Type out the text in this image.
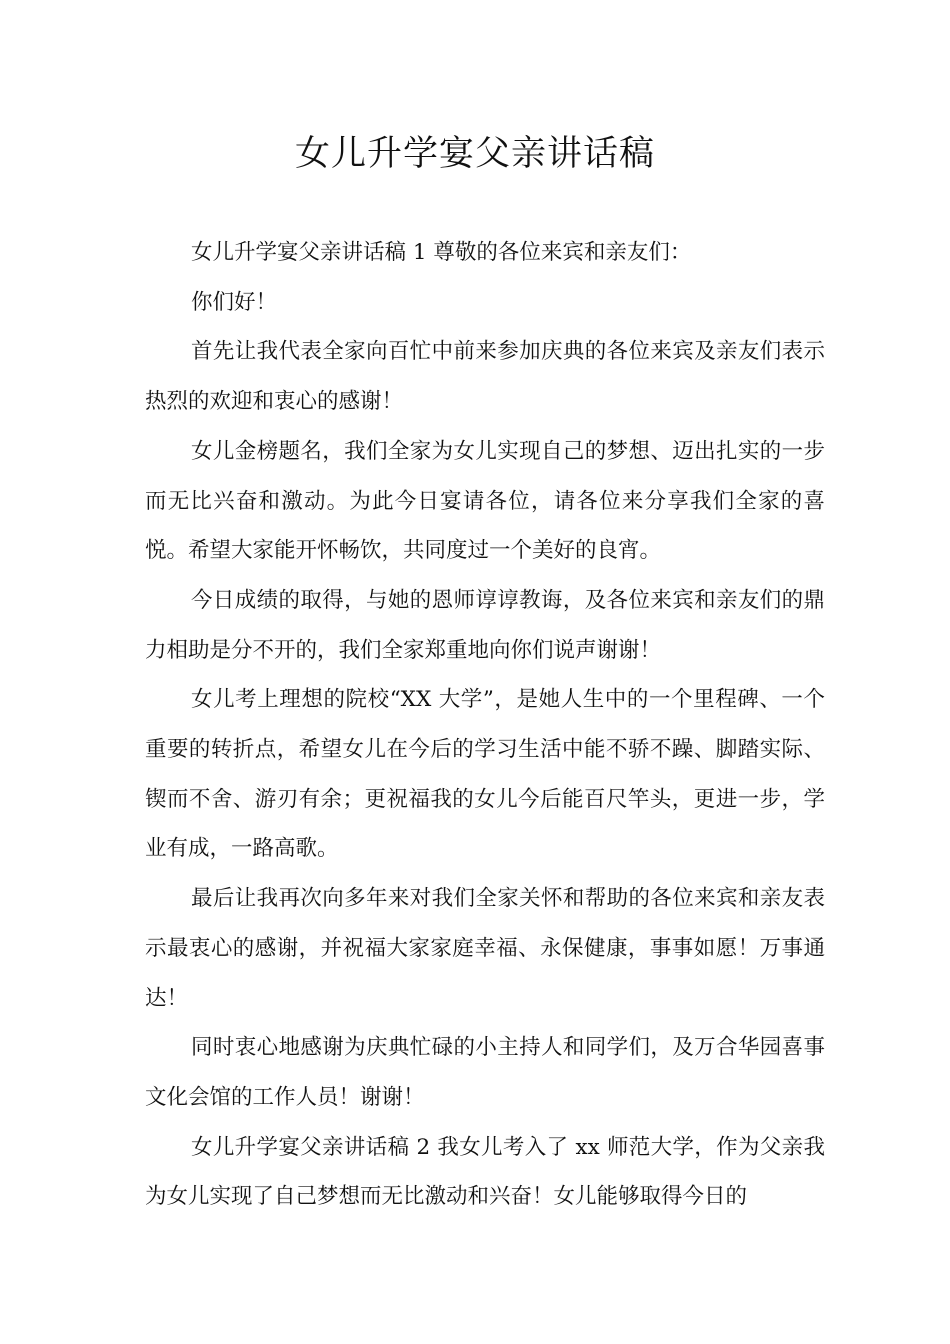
女儿升学宴父亲讲话稿

女儿升学宴父亲讲话稿 1 尊敬的各位来宾和亲友们：

你们好！

首先让我代表全家向百忙中前来参加庆典的各位来宾及亲友们表示热烈的欢迎和衷心的感谢！

女儿金榜题名，我们全家为女儿实现自己的梦想、迈出扎实的一步而无比兴奋和激动。为此今日宴请各位，请各位来分享我们全家的喜悦。希望大家能开怀畅饮，共同度过一个美好的良宵。

今日成绩的取得，与她的恩师谆谆教诲，及各位来宾和亲友们的鼎力相助是分不开的，我们全家郑重地向你们说声谢谢！

女儿考上理想的院校“XX 大学”，是她人生中的一个里程碑、一个重要的转折点，希望女儿在今后的学习生活中能不骄不躁、脚踏实际、锲而不舍、游刃有余；更祝福我的女儿今后能百尺竿头，更进一步，学业有成，一路高歌。

最后让我再次向多年来对我们全家关怀和帮助的各位来宾和亲友表示最衷心的感谢，并祝福大家家庭幸福、永保健康，事事如愿！万事通达！

同时衷心地感谢为庆典忙碌的小主持人和同学们，及万合华园喜事文化会馆的工作人员！谢谢！

女儿升学宴父亲讲话稿 2 我女儿考入了 xx 师范大学，作为父亲我为女儿实现了自己梦想而无比激动和兴奋！女儿能够取得今日的
